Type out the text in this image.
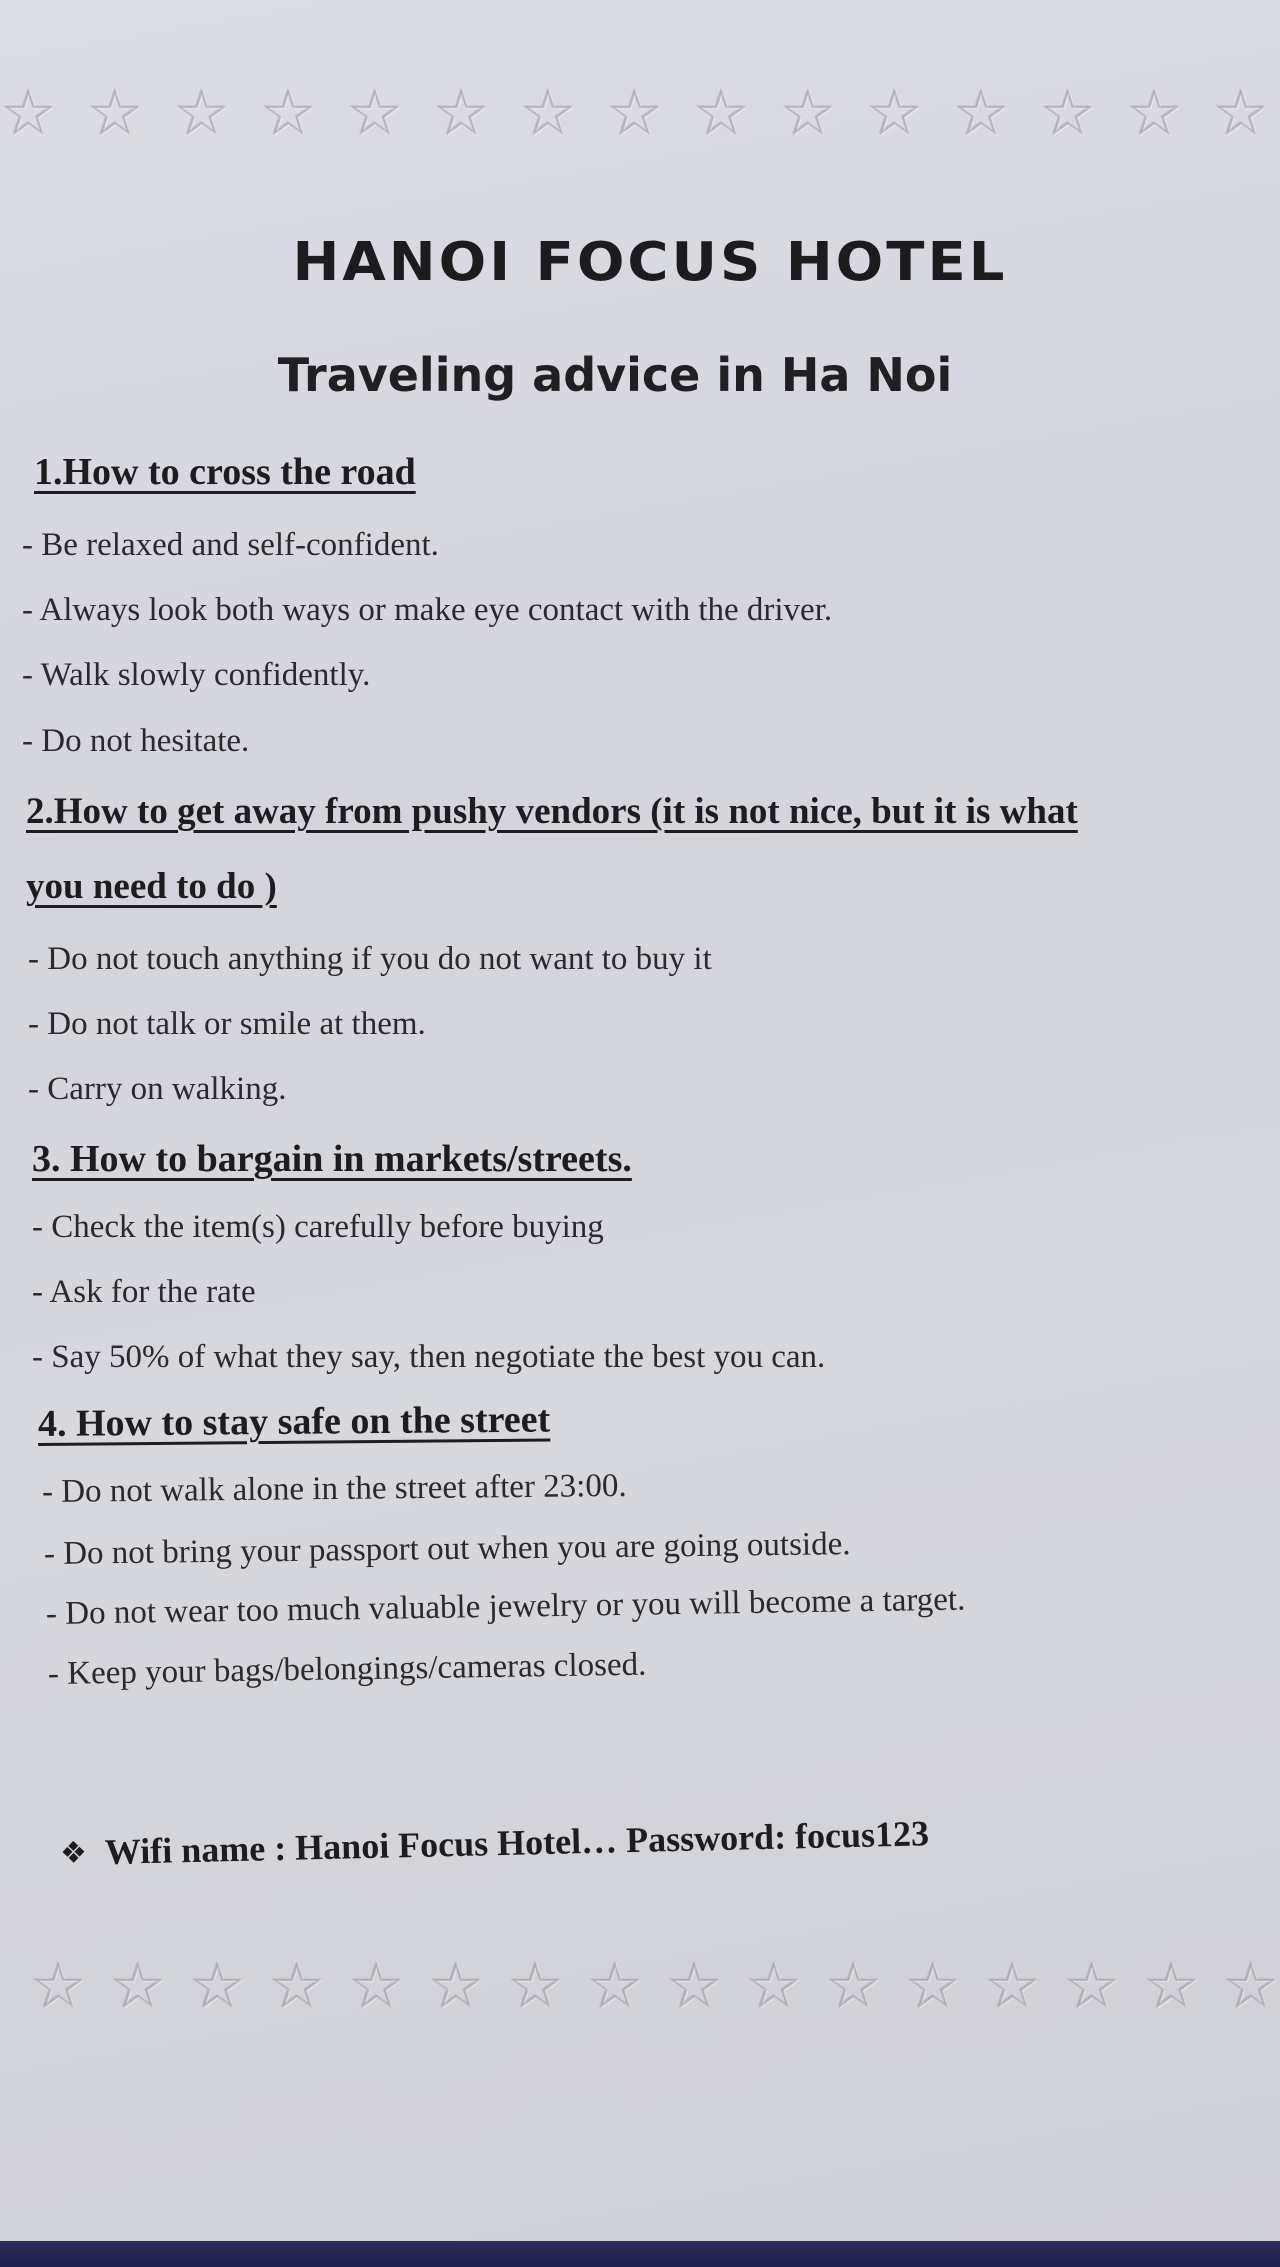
☆ ☆ ☆ ☆ ☆ ☆ ☆ ☆ ☆ ☆ ☆ ☆ ☆ ☆ ☆
HANOI FOCUS HOTEL
Traveling advice in Ha Noi
1.How to cross the road
- Be relaxed and self-confident.
- Always look both ways or make eye contact with the driver.
- Walk slowly confidently.
- Do not hesitate.
2.How to get away from pushy vendors (it is not nice, but it is what
you need to do )
- Do not touch anything if you do not want to buy it
- Do not talk or smile at them.
- Carry on walking.
3. How to bargain in markets/streets.
- Check the item(s) carefully before buying
- Ask for the rate
- Say 50% of what they say, then negotiate the best you can.
4. How to stay safe on the street
- Do not walk alone in the street after 23:00.
- Do not bring your passport out when you are going outside.
- Do not wear too much valuable jewelry or you will become a target.
- Keep your bags/belongings/cameras closed.
❖ Wifi name : Hanoi Focus Hotel… Password: focus123
☆ ☆ ☆ ☆ ☆ ☆ ☆ ☆ ☆ ☆ ☆ ☆ ☆ ☆ ☆ ☆
